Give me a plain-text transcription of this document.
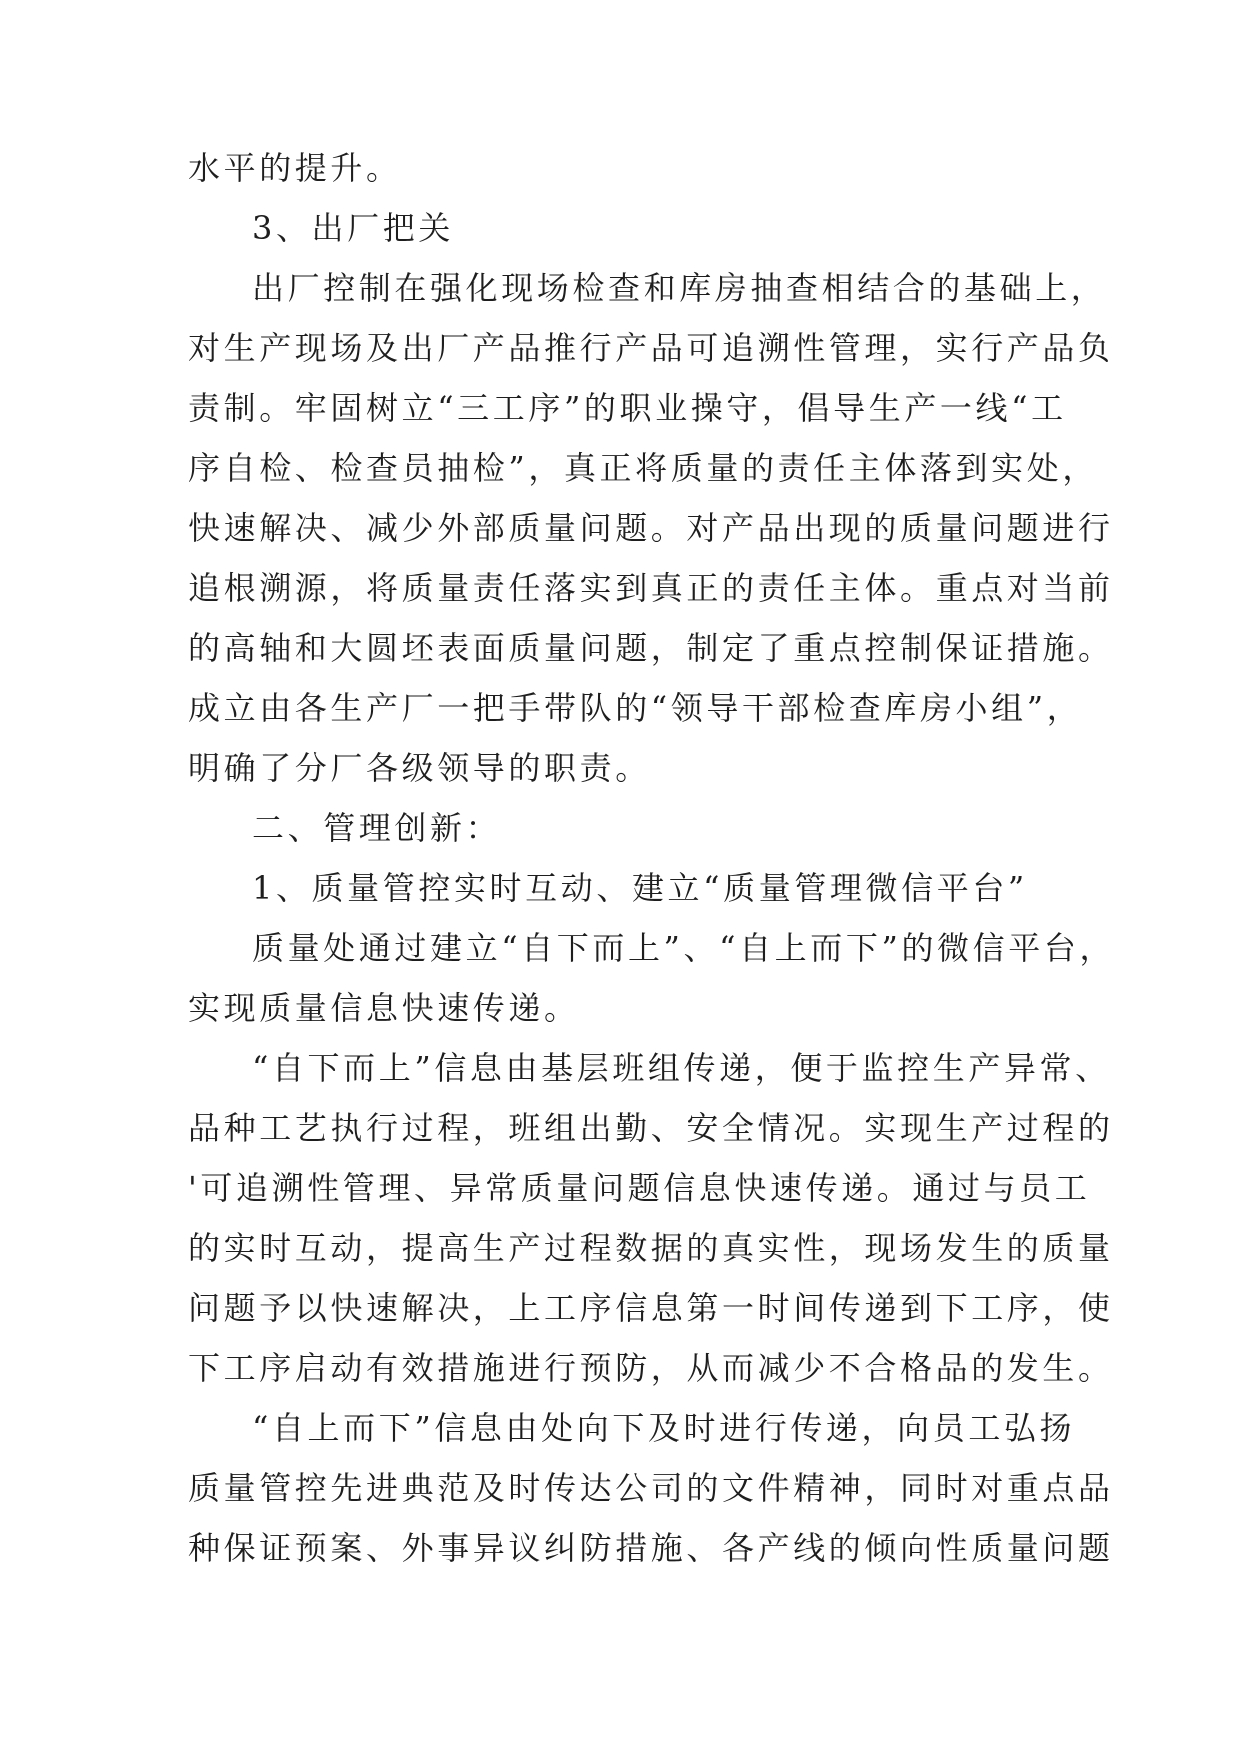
水平的提升。
3、出厂把关
出厂控制在强化现场检查和库房抽查相结合的基础上，
对生产现场及出厂产品推行产品可追溯性管理，实行产品负
责制。牢固树立“三工序”的职业操守，倡导生产一线“工
序自检、检查员抽检”，真正将质量的责任主体落到实处，
快速解决、减少外部质量问题。对产品出现的质量问题进行
追根溯源，将质量责任落实到真正的责任主体。重点对当前
的高轴和大圆坯表面质量问题，制定了重点控制保证措施。
成立由各生产厂一把手带队的“领导干部检查库房小组”，
明确了分厂各级领导的职责。
二、管理创新：
1、质量管控实时互动、建立“质量管理微信平台”
质量处通过建立“自下而上”、“自上而下”的微信平台，
实现质量信息快速传递。
“自下而上”信息由基层班组传递，便于监控生产异常、
品种工艺执行过程，班组出勤、安全情况。实现生产过程的
'可追溯性管理、异常质量问题信息快速传递。通过与员工
的实时互动，提高生产过程数据的真实性，现场发生的质量
问题予以快速解决，上工序信息第一时间传递到下工序，使
下工序启动有效措施进行预防，从而减少不合格品的发生。
“自上而下”信息由处向下及时进行传递，向员工弘扬
质量管控先进典范及时传达公司的文件精神，同时对重点品
种保证预案、外事异议纠防措施、各产线的倾向性质量问题
